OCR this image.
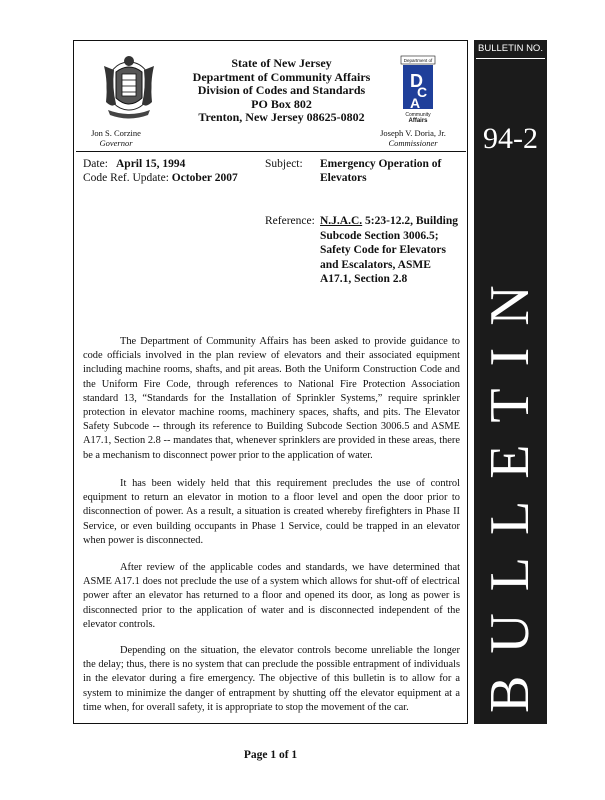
Department of
D
C
A
Community
Affairs
State of New Jersey
Department of Community Affairs
Division of Codes and Standards
PO Box 802
Trenton, New Jersey 08625-0802
Jon S. Corzine
Governor
Joseph V. Doria, Jr.
Commissioner
Date: April 15, 1994
Code Ref. Update: October 2007
Subject: Emergency Operation of Elevators
Reference: N.J.A.C. 5:23-12.2, Building Subcode Section 3006.5; Safety Code for Elevators and Escalators, ASME A17.1, Section 2.8

The Department of Community Affairs has been asked to provide guidance to code officials involved in the plan review of elevators and their associated equipment including machine rooms, shafts, and pit areas. Both the Uniform Construction Code and the Uniform Fire Code, through references to National Fire Protection Association standard 13, “Standards for the Installation of Sprinkler Systems,” require sprinkler protection in elevator machine rooms, machinery spaces, shafts, and pits. The Elevator Safety Subcode -- through its reference to Building Subcode Section 3006.5 and ASME A17.1, Section 2.8 -- mandates that, whenever sprinklers are provided in these areas, there be a mechanism to disconnect power prior to the application of water.

It has been widely held that this requirement precludes the use of control equipment to return an elevator in motion to a floor level and open the door prior to disconnection of power. As a result, a situation is created whereby firefighters in Phase II Service, or even building occupants in Phase 1 Service, could be trapped in an elevator when power is disconnected.

After review of the applicable codes and standards, we have determined that ASME A17.1 does not preclude the use of a system which allows for shut-off of electrical power after an elevator has returned to a floor and opened its door, as long as power is disconnected prior to the application of water and is disconnected independent of the elevator controls.

Depending on the situation, the elevator controls become unreliable the longer the delay; thus, there is no system that can preclude the possible entrapment of individuals in the elevator during a fire emergency. The objective of this bulletin is to allow for a system to minimize the danger of entrapment by shutting off the elevator equipment at a time when, for overall safety, it is appropriate to stop the movement of the car.

BULLETIN NO.
94-2
BULLETIN
Page 1 of 1
